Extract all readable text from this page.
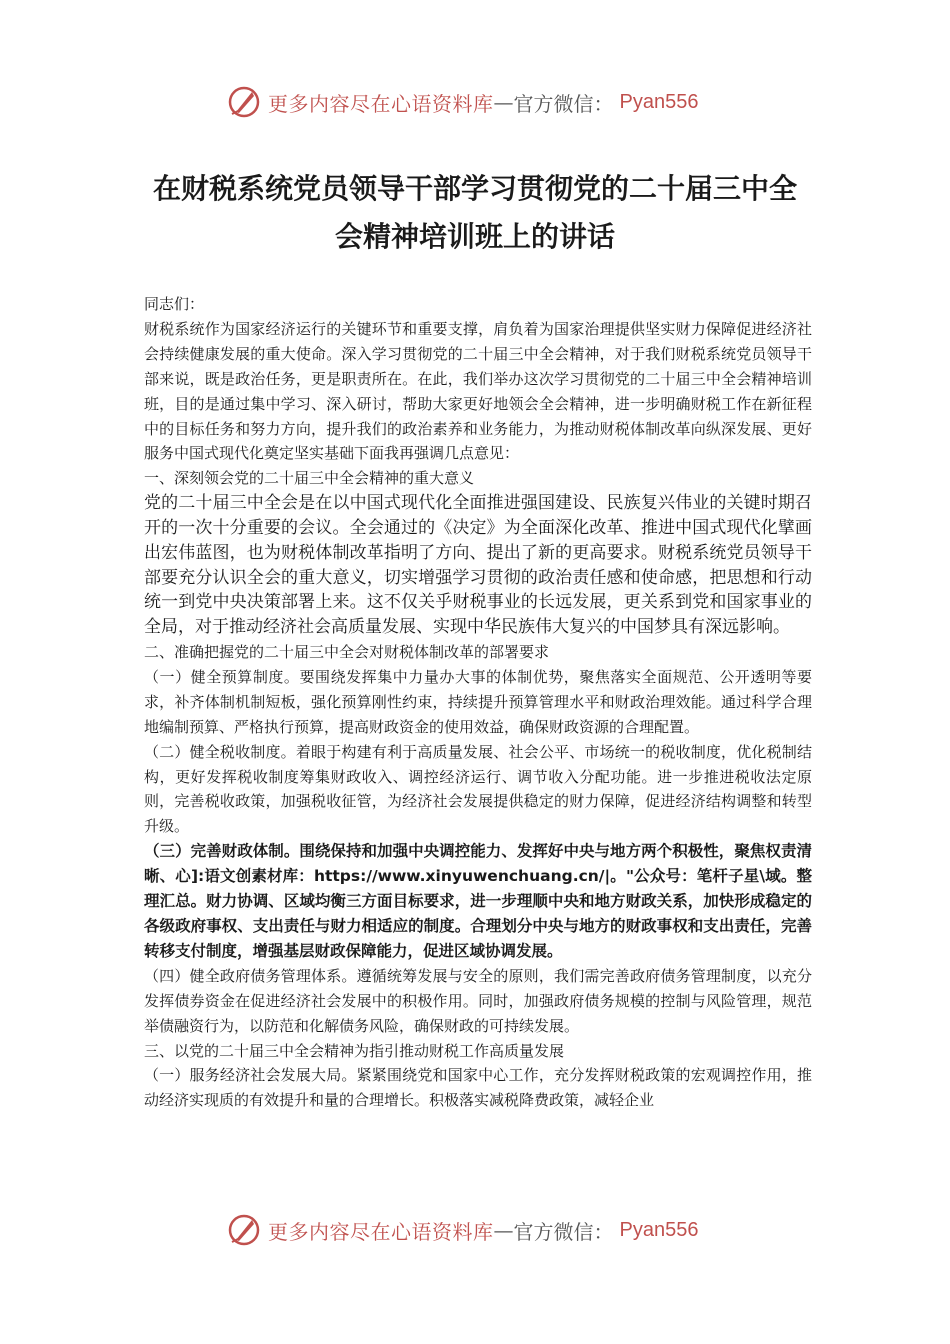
更多内容尽在心语资料库 — 官方微信： Pyan556
在财税系统党员领导干部学习贯彻党的二十届三中全会精神培训班上的讲话

同志们：

财税系统作为国家经济运行的关键环节和重要支撑，肩负着为国家治理提供坚实财力保障促进经济社会持续健康发展的重大使命。深入学习贯彻党的二十届三中全会精神，对于我们财税系统党员领导干部来说，既是政治任务，更是职责所在。在此，我们举办这次学习贯彻党的二十届三中全会精神培训班，目的是通过集中学习、深入研讨，帮助大家更好地领会全会精神，进一步明确财税工作在新征程中的目标任务和努力方向，提升我们的政治素养和业务能力，为推动财税体制改革向纵深发展、更好服务中国式现代化奠定坚实基础下面我再强调几点意见：

一、深刻领会党的二十届三中全会精神的重大意义

党的二十届三中全会是在以中国式现代化全面推进强国建设、民族复兴伟业的关键时期召开的一次十分重要的会议。全会通过的《决定》为全面深化改革、推进中国式现代化擘画出宏伟蓝图，也为财税体制改革指明了方向、提出了新的更高要求。财税系统党员领导干部要充分认识全会的重大意义，切实增强学习贯彻的政治责任感和使命感，把思想和行动统一到党中央决策部署上来。这不仅关乎财税事业的长远发展，更关系到党和国家事业的全局，对于推动经济社会高质量发展、实现中华民族伟大复兴的中国梦具有深远影响。

二、准确把握党的二十届三中全会对财税体制改革的部署要求

（一）健全预算制度。要围绕发挥集中力量办大事的体制优势，聚焦落实全面规范、公开透明等要求，补齐体制机制短板，强化预算刚性约束，持续提升预算管理水平和财政治理效能。通过科学合理地编制预算、严格执行预算，提高财政资金的使用效益，确保财政资源的合理配置。

（二）健全税收制度。着眼于构建有利于高质量发展、社会公平、市场统一的税收制度，优化税制结构，更好发挥税收制度筹集财政收入、调控经济运行、调节收入分配功能。进一步推进税收法定原则，完善税收政策，加强税收征管，为经济社会发展提供稳定的财力保障，促进经济结构调整和转型升级。

（三）完善财政体制。围绕保持和加强中央调控能力、发挥好中央与地方两个积极性，聚焦权责清晰、心]:语文创素材库：https://www.xinyuwenchuang.cn/|。"公众号：笔杆子星\域。整理汇总。财力协调、区域均衡三方面目标要求，进一步理顺中央和地方财政关系，加快形成稳定的各级政府事权、支出责任与财力相适应的制度。合理划分中央与地方的财政事权和支出责任，完善转移支付制度，增强基层财政保障能力，促进区域协调发展。

（四）健全政府债务管理体系。遵循统筹发展与安全的原则，我们需完善政府债务管理制度，以充分发挥债券资金在促进经济社会发展中的积极作用。同时，加强政府债务规模的控制与风险管理，规范举债融资行为，以防范和化解债务风险，确保财政的可持续发展。

三、以党的二十届三中全会精神为指引推动财税工作高质量发展

（一）服务经济社会发展大局。紧紧围绕党和国家中心工作，充分发挥财税政策的宏观调控作用，推动经济实现质的有效提升和量的合理增长。积极落实减税降费政策，减轻企业

更多内容尽在心语资料库 — 官方微信： Pyan556
